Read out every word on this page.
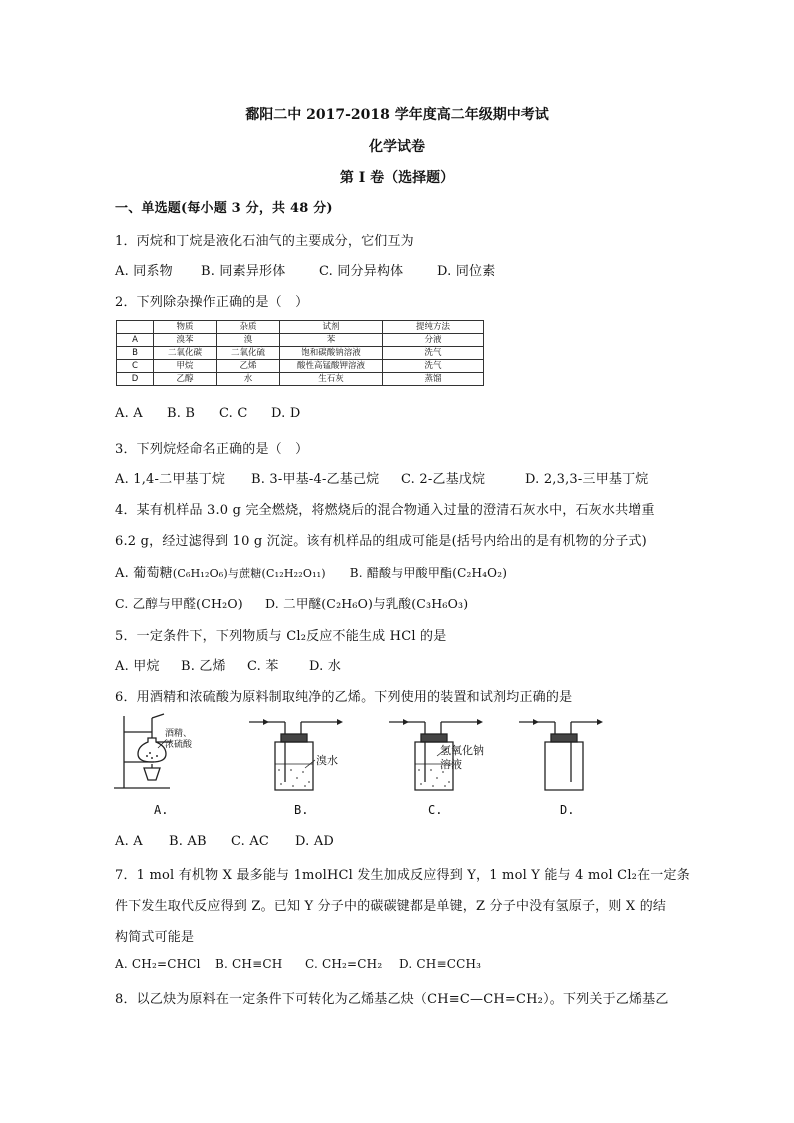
鄱阳二中 2017-2018 学年度高二年级期中考试
化学试卷
第 I 卷（选择题）
一、单选题(每小题 3 分，共 48 分)
1．丙烷和丁烷是液化石油气的主要成分，它们互为
A. 同系物 B. 同素异形体	C. 同分异构体	D. 同位素
2．下列除杂操作正确的是（　）
	物质	杂质	试剂	提纯方法
A	溴苯	溴	苯	分液
B	二氧化碳	二氧化硫	饱和碳酸钠溶液	洗气
C	甲烷	乙烯	酸性高锰酸钾溶液	洗气
D	乙醇	水	生石灰	蒸馏
A. A B. B C. C D. D
3．下列烷烃命名正确的是（　）
A. 1,4-二甲基丁烷 B. 3-甲基-4-乙基己烷 C. 2-乙基戊烷	D. 2,3,3-三甲基丁烷
4．某有机样品 3.0 g 完全燃烧，将燃烧后的混合物通入过量的澄清石灰水中，石灰水共增重
6.2 g，经过滤得到 10 g 沉淀。该有机样品的组成可能是(括号内给出的是有机物的分子式)
A. 葡萄糖(C₆H₁₂O₆)与蔗糖(C₁₂H₂₂O₁₁) B. 醋酸与甲酸甲酯(C₂H₄O₂)
C. 乙醇与甲醛(CH₂O) D. 二甲醚(C₂H₆O)与乳酸(C₃H₆O₃)
5．一定条件下，下列物质与 Cl₂反应不能生成 HCl 的是
A. 甲烷 B. 乙烯 C. 苯 D. 水
6．用酒精和浓硫酸为原料制取纯净的乙烯。下列使用的装置和试剂均正确的是
酒精、
浓硫酸
溴水
氢氧化钠
溶液
A.	B.	C.	D.
A. A B. AB C. AC D. AD
7．1 mol 有机物 X 最多能与 1molHCl 发生加成反应得到 Y，1 mol Y 能与 4 mol Cl₂在一定条
件下发生取代反应得到 Z。已知 Y 分子中的碳碳键都是单键，Z 分子中没有氢原子，则 X 的结
构简式可能是
A. CH₂=CHCl B. CH≡CH C. CH₂=CH₂ D. CH≡CCH₃
8．以乙炔为原料在一定条件下可转化为乙烯基乙炔（CH≡C—CH=CH₂）。下列关于乙烯基乙
